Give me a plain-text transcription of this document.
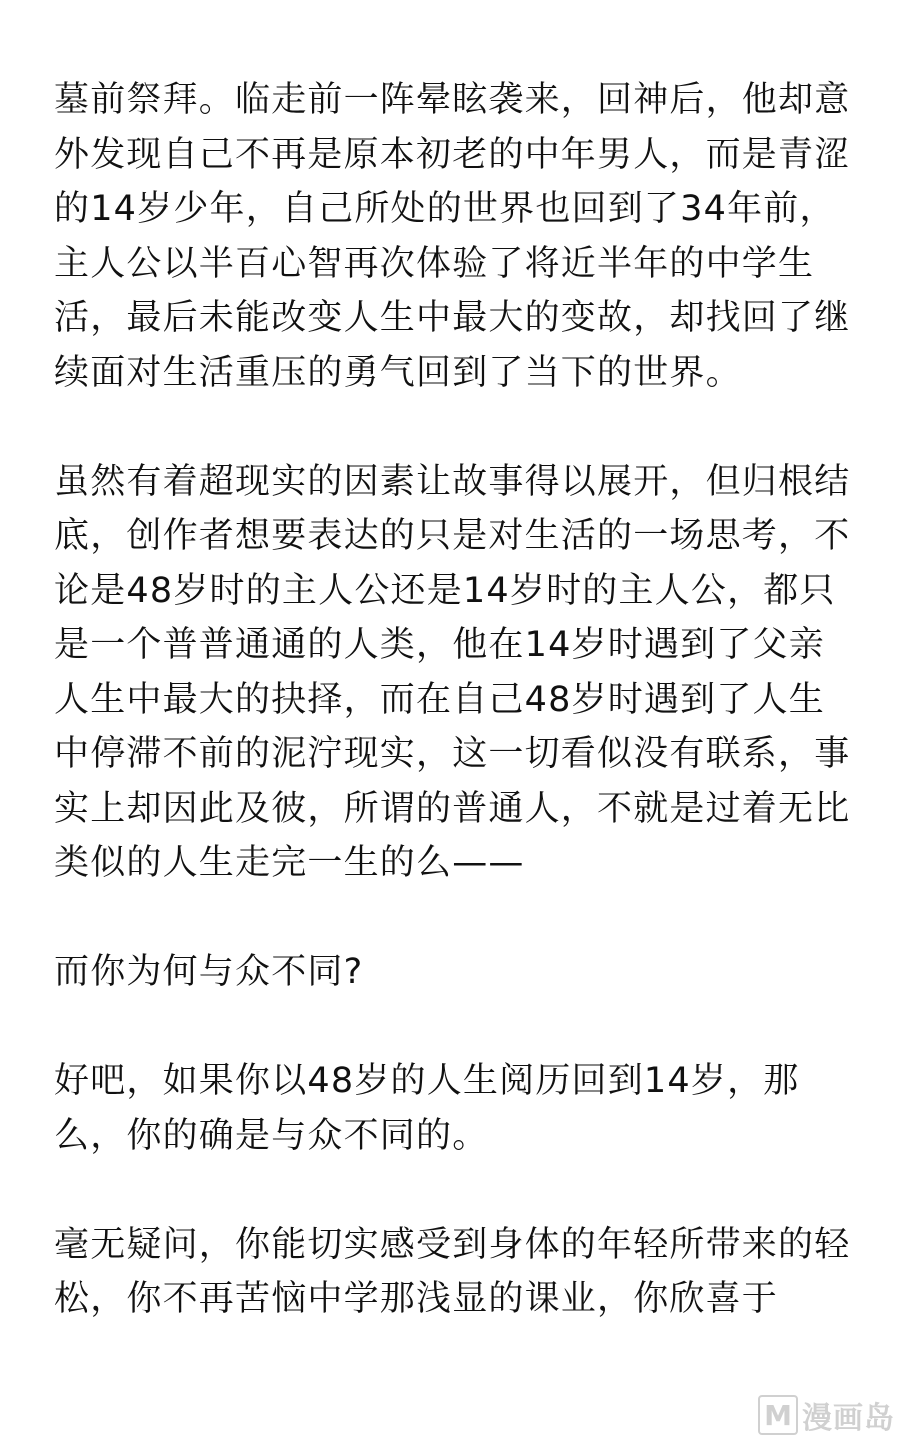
墓前祭拜。临走前一阵晕眩袭来，回神后，他却意外发现自己不再是原本初老的中年男人，而是青涩的14岁少年，自己所处的世界也回到了34年前，主人公以半百心智再次体验了将近半年的中学生活，最后未能改变人生中最大的变故，却找回了继续面对生活重压的勇气回到了当下的世界。

虽然有着超现实的因素让故事得以展开，但归根结底，创作者想要表达的只是对生活的一场思考，不论是48岁时的主人公还是14岁时的主人公，都只是一个普普通通的人类，他在14岁时遇到了父亲人生中最大的抉择，而在自己48岁时遇到了人生中停滞不前的泥泞现实，这一切看似没有联系，事实上却因此及彼，所谓的普通人，不就是过着无比类似的人生走完一生的么——

而你为何与众不同?

好吧，如果你以48岁的人生阅历回到14岁，那么，你的确是与众不同的。

毫无疑问，你能切实感受到身体的年轻所带来的轻松，你不再苦恼中学那浅显的课业，你欣喜于

M 漫画岛
